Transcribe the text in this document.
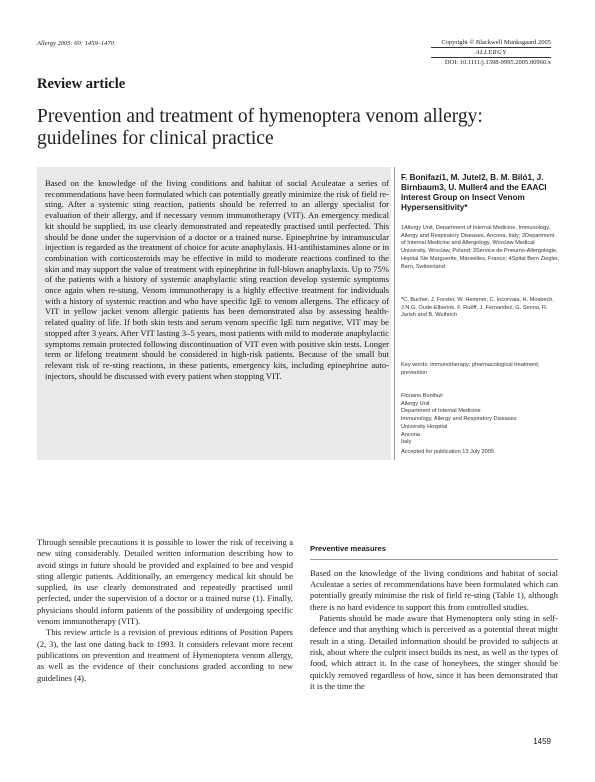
Allergy 2005: 60: 1459–1470	Copyright © Blackwell Munksgaard 2005
ALLERGY
DOI: 10.1111/j.1398-9995.2005.00960.x
Review article
Prevention and treatment of hymenoptera venom allergy: guidelines for clinical practice
Based on the knowledge of the living conditions and habitat of social Aculeatae a series of recommendations have been formulated which can potentially greatly minimize the risk of field re-sting. After a systemic sting reaction, patients should be referred to an allergy specialist for evaluation of their allergy, and if necessary venom immunotherapy (VIT). An emergency medical kit should be supplied, its use clearly demonstrated and repeatedly practised until perfected. This should be done under the supervision of a doctor or a trained nurse. Epinephrine by intramuscular injection is regarded as the treatment of choice for acute anaphylaxis. H1-antihistamines alone or in combination with corticosteroids may be effective in mild to moderate reactions confined to the skin and may support the value of treatment with epinephrine in full-blown anaphylaxis. Up to 75% of the patients with a history of systemic anaphylactic sting reaction develop systemic symptoms once again when re-stung. Venom immunotherapy is a highly effective treatment for individuals with a history of systemic reaction and who have specific IgE to venom allergens. The efficacy of VIT in yellow jacket venom allergic patients has been demonstrated also by assessing health-related quality of life. If both skin tests and serum venom specific IgE turn negative, VIT may be stopped after 3 years. After VIT lasting 3–5 years, most patients with mild to moderate anaphylactic symptoms remain protected following discontinuation of VIT even with positive skin tests. Longer term or lifelong treatment should be considered in high-risk patients. Because of the small but relevant risk of re-sting reactions, in these patients, emergency kits, including epinephrine auto-injectors, should be discussed with every patient when stopping VIT.
F. Bonifazi1, M. Jutel2, B. M. Biló1, J. Birnbaum3, U. Muller4 and the EAACI Interest Group on Insect Venom Hypersensitivity*
1Allergy Unit, Department of Internal Medicine, Immunology, Allergy and Respiratory Diseases, Ancona, Italy; 2Department of Internal Medicine and Allergology, Wroclaw Medical University, Wroclaw, Poland; 3Service de Pneumo-Allergologie, Hopital Ste Marguerite, Marseilles, France; 4Spital Bern Ziegler, Bern, Switzerland
*C. Bucher, J. Forster, W. Hemmer, C. Incorvaia, H. Mosbech, J.N.G. Oude-Elberink, F. Ruëff, J. Fernandez, G. Senna, R. Jarish and B. Wuthrich
Key words: immunotherapy; pharmacological treatment; prevention
Floriano Bonifazi
Allergy Unit
Department of Internal Medicine
Immunology, Allergy and Respiratory Diseases
University Hospital
Ancona
Italy
Accepted for publication 13 July 2005

Through sensible precautions it is possible to lower the risk of receiving a new sting considerably. Detailed written information describing how to avoid stings in future should be provided and explained to bee and vespid sting allergic patients. Additionally, an emergency medical kit should be supplied, its use clearly demonstrated and repeatedly practised until perfected, under the supervision of a doctor or a trained nurse (1). Finally, physicians should inform patients of the possibility of undergoing specific venom immunotherapy (VIT).

This review article is a revision of previous editions of Position Papers (2, 3), the last one dating back to 1993. It considers relevant more recent publications on prevention and treatment of Hymenoptera venom allergy, as well as the evidence of their conclusions graded according to new guidelines (4).

Preventive measures

Based on the knowledge of the living conditions and habitat of social Aculeatae a series of recommendations have been formulated which can potentially greatly minimise the risk of field re-sting (Table 1), although there is no hard evidence to support this from controlled studies.

Patients should be made aware that Hymenoptera only sting in self-defence and that anything which is perceived as a potential threat might result in a sting. Detailed information should be provided to subjects at risk, about where the culprit insect builds its nest, as well as the types of food, which attract it. In the case of honeybees, the stinger should be quickly removed regardless of how, since it has been demonstrated that it is the time the

1459
